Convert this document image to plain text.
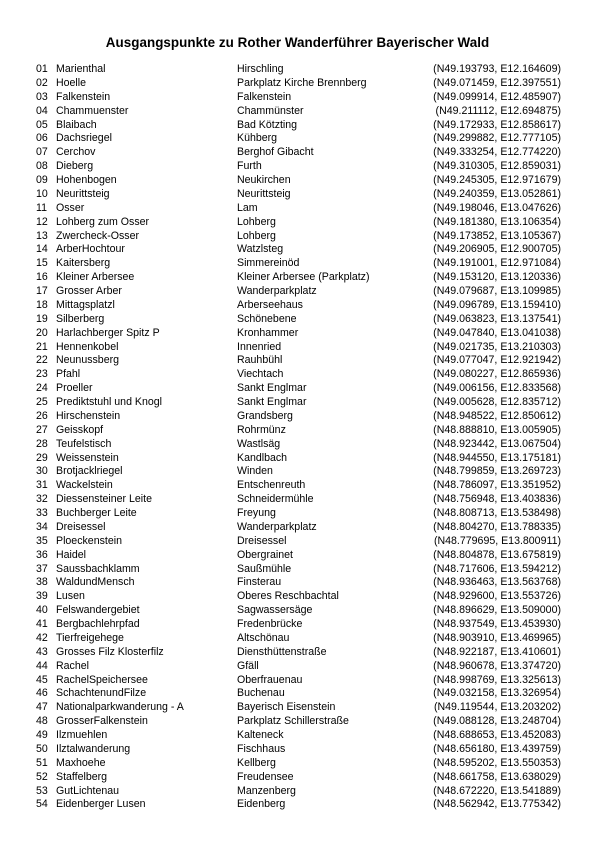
Ausgangspunkte zu Rother Wanderführer Bayerischer Wald
01 Marienthal	Hirschling	(N49.193793, E12.164609)
02 Hoelle	Parkplatz Kirche Brennberg	(N49.071459, E12.397551)
03 Falkenstein	Falkenstein	(N49.099914, E12.485907)
04 Chammuenster	Chammünster	(N49.211112, E12.694875)
05 Blaibach	Bad Kötzting	(N49.172933, E12.858617)
06 Dachsriegel	Kühberg	(N49.299882, E12.777105)
07 Cerchov	Berghof Gibacht	(N49.333254, E12.774220)
08 Dieberg	Furth	(N49.310305, E12.859031)
09 Hohenbogen	Neukirchen	(N49.245305, E12.971679)
10 Neurittsteig	Neurittsteig	(N49.240359, E13.052861)
11 Osser	Lam	(N49.198046, E13.047626)
12 Lohberg zum Osser	Lohberg	(N49.181380, E13.106354)
13 Zwercheck-Osser	Lohberg	(N49.173852, E13.105367)
14 ArberHochtour	Watzlsteg	(N49.206905, E12.900705)
15 Kaitersberg	Simmereinöd	(N49.191001, E12.971084)
16 Kleiner Arbersee	Kleiner Arbersee (Parkplatz)	(N49.153120, E13.120336)
17 Grosser Arber	Wanderparkplatz	(N49.079687, E13.109985)
18 Mittagsplatzl	Arberseehaus	(N49.096789, E13.159410)
19 Silberberg	Schönebene	(N49.063823, E13.137541)
20 Harlachberger Spitz P	Kronhammer	(N49.047840, E13.041038)
21 Hennenkobel	Innenried	(N49.021735, E13.210303)
22 Neunussberg	Rauhbühl	(N49.077047, E12.921942)
23 Pfahl	Viechtach	(N49.080227, E12.865936)
24 Proeller	Sankt Englmar	(N49.006156, E12.833568)
25 Prediktstuhl und Knogl	Sankt Englmar	(N49.005628, E12.835712)
26 Hirschenstein	Grandsberg	(N48.948522, E12.850612)
27 Geisskopf	Rohrmünz	(N48.888810, E13.005905)
28 Teufelstisch	Wastlsäg	(N48.923442, E13.067504)
29 Weissenstein	Kandlbach	(N48.944550, E13.175181)
30 Brotjacklriegel	Winden	(N48.799859, E13.269723)
31 Wackelstein	Entschenreuth	(N48.786097, E13.351952)
32 Diessensteiner Leite	Schneidermühle	(N48.756948, E13.403836)
33 Buchberger Leite	Freyung	(N48.808713, E13.538498)
34 Dreisessel	Wanderparkplatz	(N48.804270, E13.788335)
35 Ploeckenstein	Dreisessel	(N48.779695, E13.800911)
36 Haidel	Obergrainet	(N48.804878, E13.675819)
37 Saussbachklamm	Saußmühle	(N48.717606, E13.594212)
38 WaldundMensch	Finsterau	(N48.936463, E13.563768)
39 Lusen	Oberes Reschbachtal	(N48.929600, E13.553726)
40 Felswandergebiet	Sagwassersäge	(N48.896629, E13.509000)
41 Bergbachlehrpfad	Fredenbrücke	(N48.937549, E13.453930)
42 Tierfreigehege	Altschönau	(N48.903910, E13.469965)
43 Grosses Filz Klosterfilz	Diensthüttenstraße	(N48.922187, E13.410601)
44 Rachel	Gfäll	(N48.960678, E13.374720)
45 RachelSpeichersee	Oberfrauenau	(N48.998769, E13.325613)
46 SchachtenundFilze	Buchenau	(N49.032158, E13.326954)
47 Nationalparkwanderung - A	Bayerisch Eisenstein	(N49.119544, E13.203202)
48 GrosserFalkenstein	Parkplatz Schillerstraße	(N49.088128, E13.248704)
49 Ilzmuehlen	Kalteneck	(N48.688653, E13.452083)
50 Ilztalwanderung	Fischhaus	(N48.656180, E13.439759)
51 Maxhoehe	Kellberg	(N48.595202, E13.550353)
52 Staffelberg	Freudensee	(N48.661758, E13.638029)
53 GutLichtenau	Manzenberg	(N48.672220, E13.541889)
54 Eidenberger Lusen	Eidenberg	(N48.562942, E13.775342)
